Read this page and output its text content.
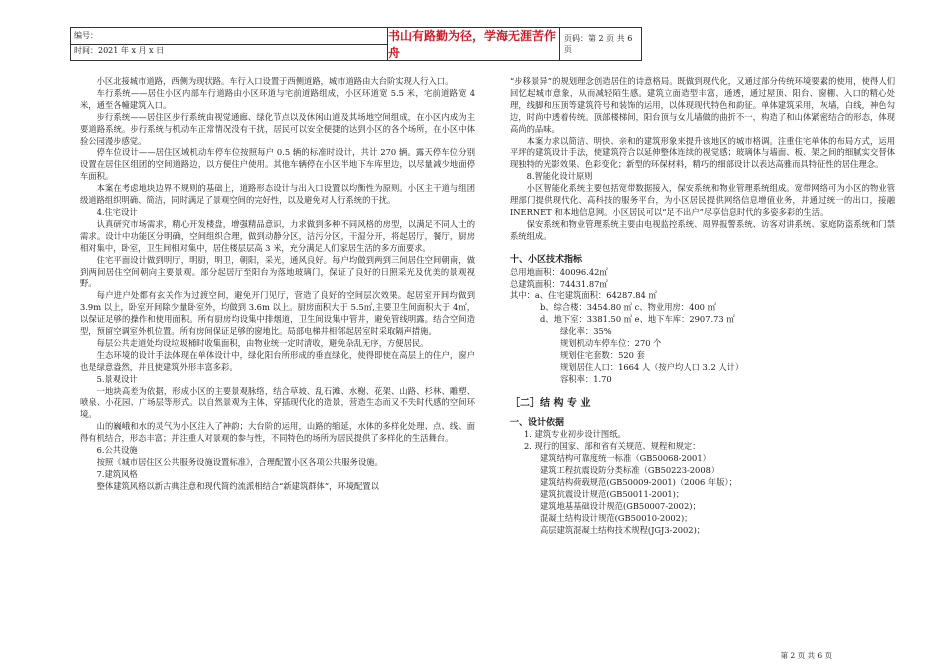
编号：
时间：2021 年 x 月 x 日
书山有路勤为径，学海无涯苦作舟
页码：第 2 页 共 6 页

小区北接城市道路，西侧为现状路。车行入口设置于西侧道路，城市道路由大台阶实现人行入口。

车行系统——居住小区内部车行道路由小区环道与宅前道路组成，小区环道宽 5.5 米，宅前道路宽 4 米，通至各幢建筑入口。

步行系统——居住区步行系统由视觉通廊、绿化节点以及休闲山道及其场地空间组成，在小区内成为主要道路系统。步行系统与机动车正常情况没有干扰，居民可以安全便捷的达到小区的各个场所，在小区中体验公园漫步感觉。

停车位设计——居住区域机动车停车位按照每户 0.5 辆的标准时设计，共计 270 辆。露天停车位分别设置在居住区组团的空间道路边，以方便住户使用。其他车辆停在小区半地下车库里边，以尽量减少地面停车面积。

本案在考虑地块边界不规则的基础上，道路形态设计与出入口设置以均衡性为原则。小区主干道与组团级道路组织明确、简洁，同时满足了景观空间的完好性，以及避免对人行系统的干扰。

4.住宅设计

认真研究市场需求，精心开发楼盘，增强精品意识，力求做到多种不同风格的房型，以满足不同人士的需求。设计中功能区分明确，空间组织合理，做到动静分区，洁污分区，干湿分开，将起居厅，餐厅，厨房相对集中，卧室，卫生间相对集中，居住楼层层高 3 米，充分满足人们家居生活的多方面要求。

住宅平面设计做到明厅，明厨，明卫，朝阳，采光，通风良好。每户均做到两到三间居住空间朝南，做到两间居住空间朝向主要景观。部分起居厅至阳台为落地玻璃门，保证了良好的日照采光及优美的景观视野。

每户进户处都有玄关作为过渡空间，避免开门见厅，营造了良好的空间层次效果。起居室开间均做到 3.9m 以上，卧室开间除少量卧室外，均做到 3.6m 以上。厨房面积大于 5.5㎡,主要卫生间面积大于 4㎡，以保证足够的操作和使用面积。所有厨房均设集中排烟道，卫生间设集中管井，避免管线明露。结合空间造型，预留空调室外机位置。所有房间保证足够的窗地比。局部电梯井相邻起居室时采取隔声措施。

每层公共走道处均设垃圾桶时收集面积，由物业统一定时清收，避免杂乱无序，方便居民。

生态环境的设计手法体现在单体设计中，绿化阳台所形成的垂直绿化，使得即使在高层上的住户，窗户也是绿意盎然，并且使建筑外形丰富多彩。

5.景观设计

一地块高差为依据，形成小区的主要景观脉络，结合草坡、乱石滩、水榭、花架、山路、杉林、雕塑、喷泉、小花园、广场层等形式。以自然景观为主体，穿插现代化的造景，营造生态而又不失时代感的空间环境。

山的巍峨和水的灵气为小区注入了神韵；大台阶的运用，山路的缩延，水体的多样化处理、点、线、面得有机结合，形态丰富；并注重人对景观的参与性，不同特色的场所为居民提供了多样化的生活舞台。

6.公共设施

按照《城市居住区公共服务设施设置标准》，合理配置小区各项公共服务设施。

7.建筑风格

整体建筑风格以新古典注意和现代简约流派相结合“新建筑群体”，环境配置以

“步移景异”的规划理念创造居住的诗意格局。既做到现代化，又通过部分传统环境要素的使用，使得人们回忆起城市意象，从而减轻陌生感。建筑立面造型丰富，通透，通过屋顶、阳台、窗棚、入口的精心处理，线脚和压顶等建筑符号和装饰的运用，以体现现代特色和韵征。单体建筑采用，灰墙，白线，神色勾边，时尚中透着传统。顶部楼梯间，阳台顶与女儿墙做的曲折不一，构造了和山体紧密结合的形态，体现高尚的品味。

本案力求以简洁、明快、亲和的建筑形象来提升该地区的城市格调。注重住宅单体的布局方式，运用平坪的建筑设计手法，使建筑符合以延伸整体连续的视觉感；玻璃体与墙面、板、架之间的细腻实交替体现独特的光影效果、色彩变化；新型的环保材料，精巧的细部设计以表达高雅而具特征性的居住理念。

8.智能化设计原则

小区智能化系统主要包括宽带数据接入，保安系统和物业管理系统组成。宽带网络可为小区的物业管理部门提供现代化、高科技的服务平台，为小区居民提供网络信息增值业务，并通过统一的出口，接融 INERNET 和本地信息网。小区居民可以“足不出户”尽享信息时代的多姿多彩的生活。

保安系统和物业管理系统主要由电视监控系统、周界报警系统、访客对讲系统、家庭防盗系统和门禁系统组成。

十、小区技术指标

总用地面积：40096.42㎡

总建筑面积：74431.87㎡

其中：a、住宅建筑面积：64287.84 ㎡

b、综合楼：3454.80 ㎡ c、物业用房：400 ㎡

d、地下室：3381.50 ㎡ e、地下车库：2907.73 ㎡

绿化率：35%

规划机动车停车位：270 个

规划住宅套数：520 套

规划居住人口：1664 人（按户均人口 3.2 人计）

容积率：1.70

［二］结 构 专 业

一、设计依据

1. 建筑专业初步设计图纸。

2. 现行的国家、部和省有关规范、规程和规定：

建筑结构可靠度统一标准（GB50068-2001）

建筑工程抗震设防分类标准（GB50223-2008）

建筑结构荷载规范(GB50009-2001)（2006 年版）；

建筑抗震设计规范(GB50011-2001)；

建筑地基基础设计规范(GB50007-2002)；

混凝土结构设计规范(GB50010-2002)；

高层建筑混凝土结构技术规程(JGJ3-2002)；

第 2 页 共 6 页
